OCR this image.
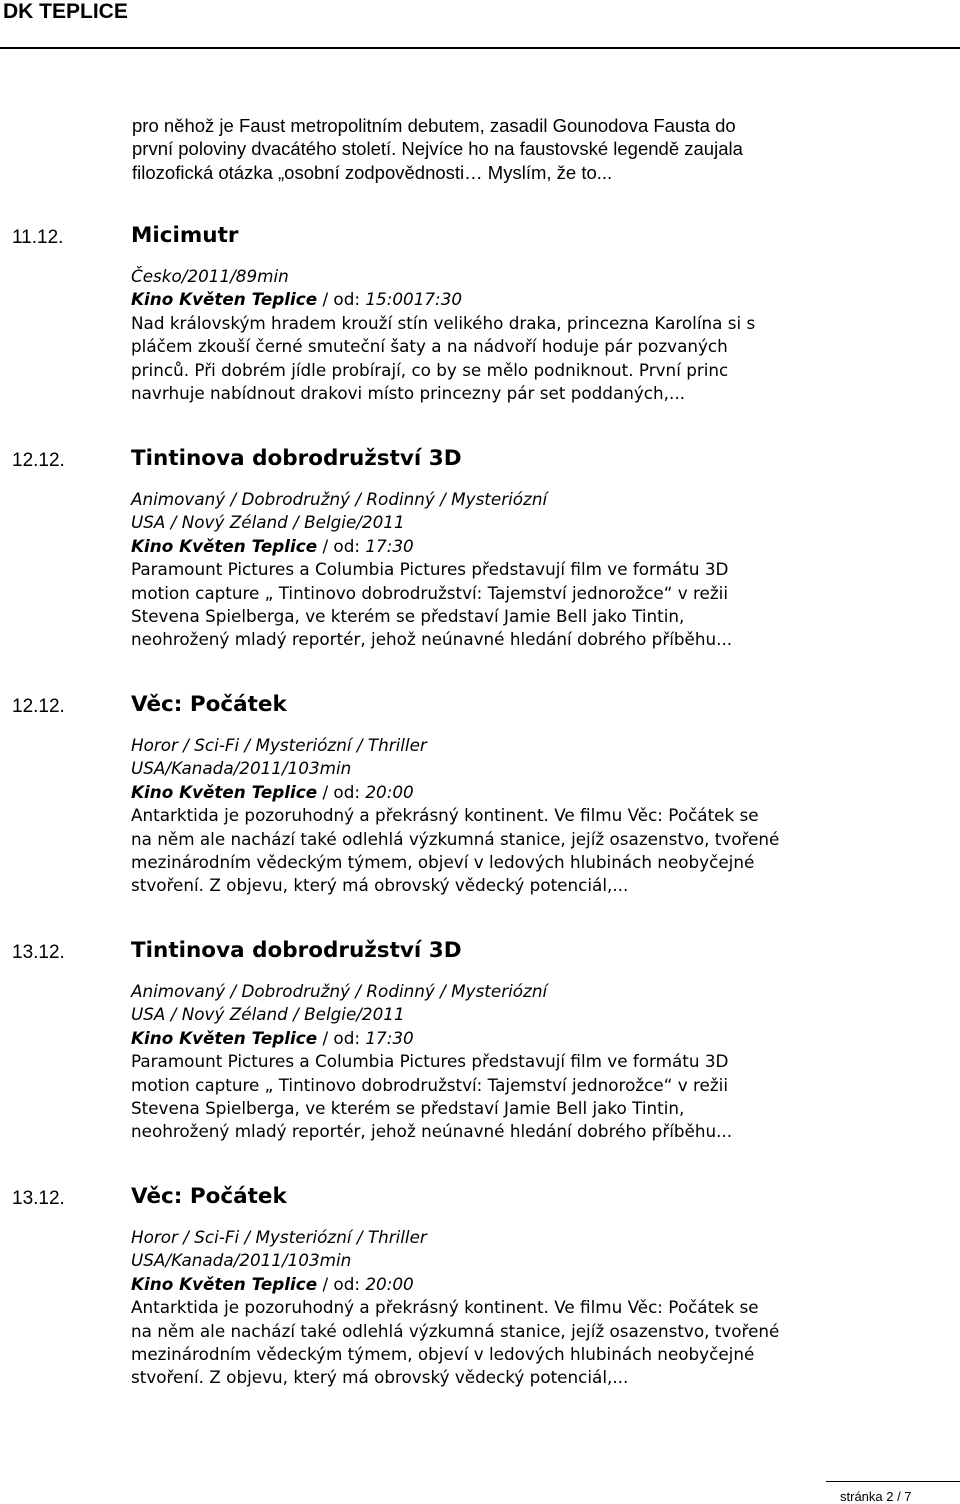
DK TEPLICE
pro něhož je Faust metropolitním debutem, zasadil Gounodova Fausta do
první poloviny dvacátého století. Nejvíce ho na faustovské legendě zaujala
filozofická otázka „osobní zodpovědnosti… Myslím, že to...
11.12.	Micimutr
Česko/2011/89min
Kino Květen Teplice / od: 15:0017:30
Nad královským hradem krouží stín velikého draka, princezna Karolína si s
pláčem zkouší černé smuteční šaty a na nádvoří hoduje pár pozvaných
princů. Při dobrém jídle probírají, co by se mělo podniknout. První princ
navrhuje nabídnout drakovi místo princezny pár set poddaných,...
12.12.	Tintinova dobrodružství 3D
Animovaný / Dobrodružný / Rodinný / Mysteriózní
USA / Nový Zéland / Belgie/2011
Kino Květen Teplice / od: 17:30
Paramount Pictures a Columbia Pictures představují film ve formátu 3D
motion capture „ Tintinovo dobrodružství: Tajemství jednorožce“ v režii
Stevena Spielberga, ve kterém se představí Jamie Bell jako Tintin,
neohrožený mladý reportér, jehož neúnavné hledání dobrého příběhu...
12.12.	Věc: Počátek
Horor / Sci-Fi / Mysteriózní / Thriller
USA/Kanada/2011/103min
Kino Květen Teplice / od: 20:00
Antarktida je pozoruhodný a překrásný kontinent. Ve filmu Věc: Počátek se
na něm ale nachází také odlehlá výzkumná stanice, jejíž osazenstvo, tvořené
mezinárodním vědeckým týmem, objeví v ledových hlubinách neobyčejné
stvoření. Z objevu, který má obrovský vědecký potenciál,...
13.12.	Tintinova dobrodružství 3D
Animovaný / Dobrodružný / Rodinný / Mysteriózní
USA / Nový Zéland / Belgie/2011
Kino Květen Teplice / od: 17:30
Paramount Pictures a Columbia Pictures představují film ve formátu 3D
motion capture „ Tintinovo dobrodružství: Tajemství jednorožce“ v režii
Stevena Spielberga, ve kterém se představí Jamie Bell jako Tintin,
neohrožený mladý reportér, jehož neúnavné hledání dobrého příběhu...
13.12.	Věc: Počátek
Horor / Sci-Fi / Mysteriózní / Thriller
USA/Kanada/2011/103min
Kino Květen Teplice / od: 20:00
Antarktida je pozoruhodný a překrásný kontinent. Ve filmu Věc: Počátek se
na něm ale nachází také odlehlá výzkumná stanice, jejíž osazenstvo, tvořené
mezinárodním vědeckým týmem, objeví v ledových hlubinách neobyčejné
stvoření. Z objevu, který má obrovský vědecký potenciál,...
stránka 2 / 7
